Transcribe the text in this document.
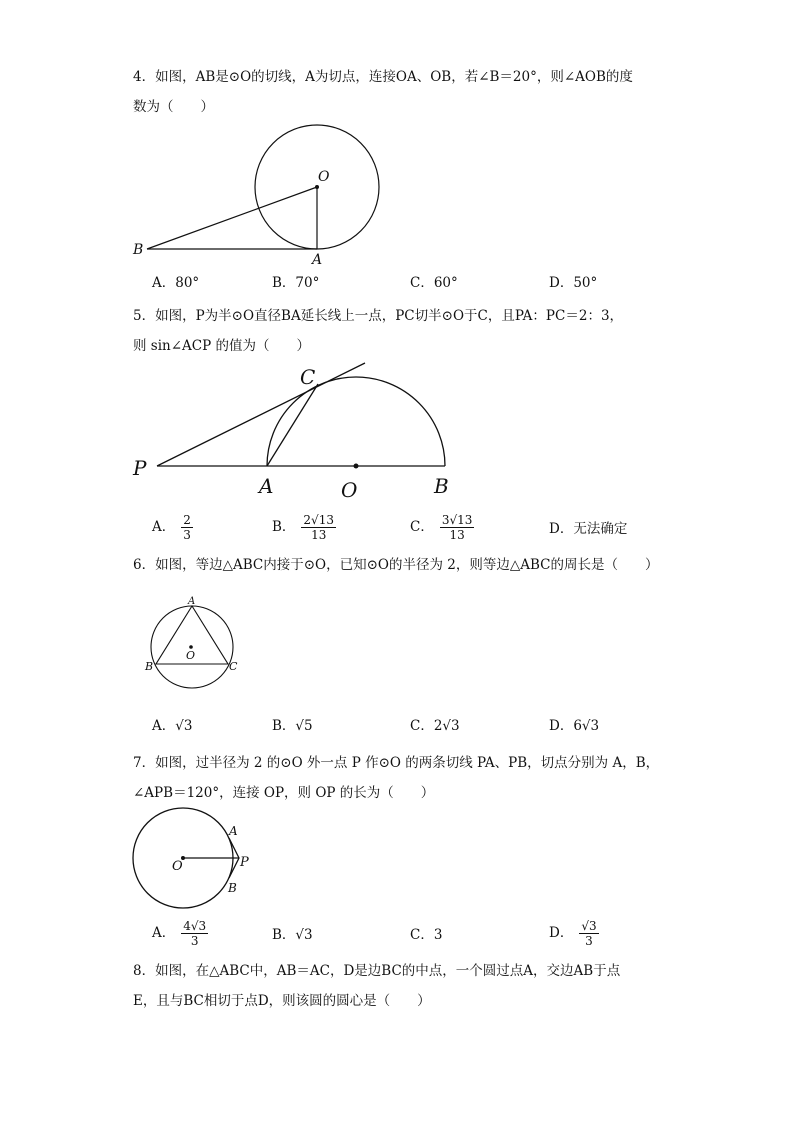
4．如图，AB是⊙O的切线，A为切点，连接OA、OB，若∠B＝20°，则∠AOB的度
数为（　　）
O
B
A
C
P
A	O	B
A
B	C
O
A
O	P
B
A．80°	B．70°	C．60°	D．50°
5．如图，P为半⊙O直径BA延长线上一点，PC切半⊙O于C，且PA：PC＝2：3，
则 sin∠ACP 的值为（　　）
A． $\frac{2}{3}$	B． $\frac{2√13}{13}$	C． $\frac{3√13}{13}$	D．无法确定
6．如图，等边△ABC内接于⊙O，已知⊙O的半径为 2，则等边△ABC的周长是（　　）
A．√3	B．√5	C．2√3	D．6√3
7．如图，过半径为 2 的⊙O 外一点 P 作⊙O 的两条切线 PA、PB，切点分别为 A，B，
∠APB＝120°，连接 OP，则 OP 的长为（　　）
A． $\frac{4√3}{3}$	B．√3	C．3	D． $\frac{√3}{3}$
8．如图，在△ABC中，AB＝AC，D是边BC的中点，一个圆过点A，交边AB于点
E，且与BC相切于点D，则该圆的圆心是（　　）
